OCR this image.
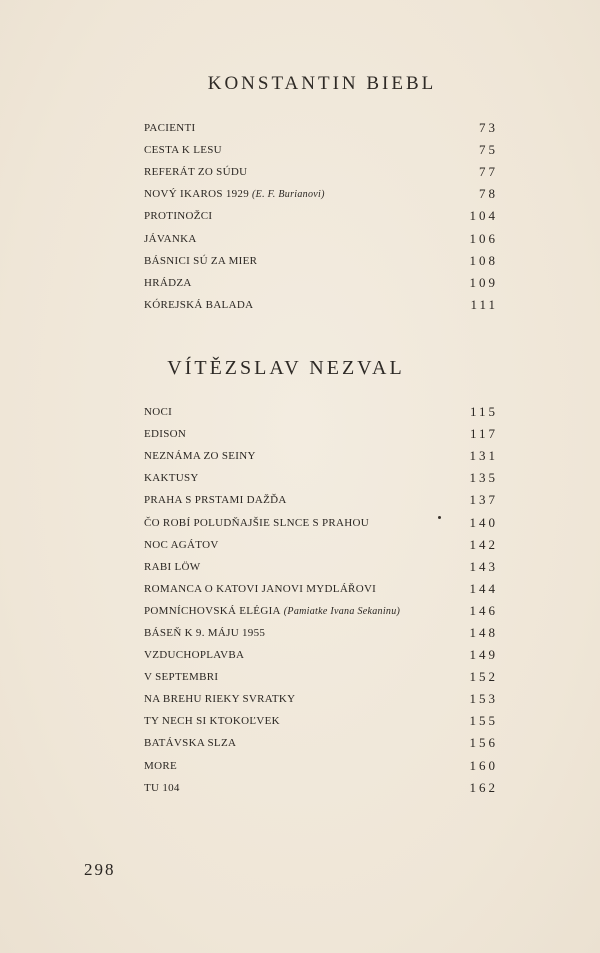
KONSTANTIN BIEBL
PACIENTI	73
CESTA K LESU	75
REFERÁT ZO SÚDU	77
NOVÝ IKAROS 1929 (E. F. Burianovi)	78
PROTINOŽCI	104
JÁVANKA	106
BÁSNICI SÚ ZA MIER	108
HRÁDZA	109
KÓREJSKÁ BALADA	111
VÍTĚZSLAV NEZVAL
NOCI	115
EDISON	117
NEZNÁMA ZO SEINY	131
KAKTUSY	135
PRAHA S PRSTAMI DAŽĎA	137
ČO ROBÍ POLUDŇAJŠIE SLNCE S PRAHOU	140
NOC AGÁTOV	142
RABI LÖW	143
ROMANCA O KATOVI JANOVI MYDLÁŘOVI	144
POMNÍCHOVSKÁ ELÉGIA (Pamiatke Ivana Sekaninu)	146
BÁSEŇ K 9. MÁJU 1955	148
VZDUCHOPLAVBA	149
V SEPTEMBRI	152
NA BREHU RIEKY SVRATKY	153
TY NECH SI KTOKOĽVEK	155
BATÁVSKA SLZA	156
MORE	160
TU 104	162
298
